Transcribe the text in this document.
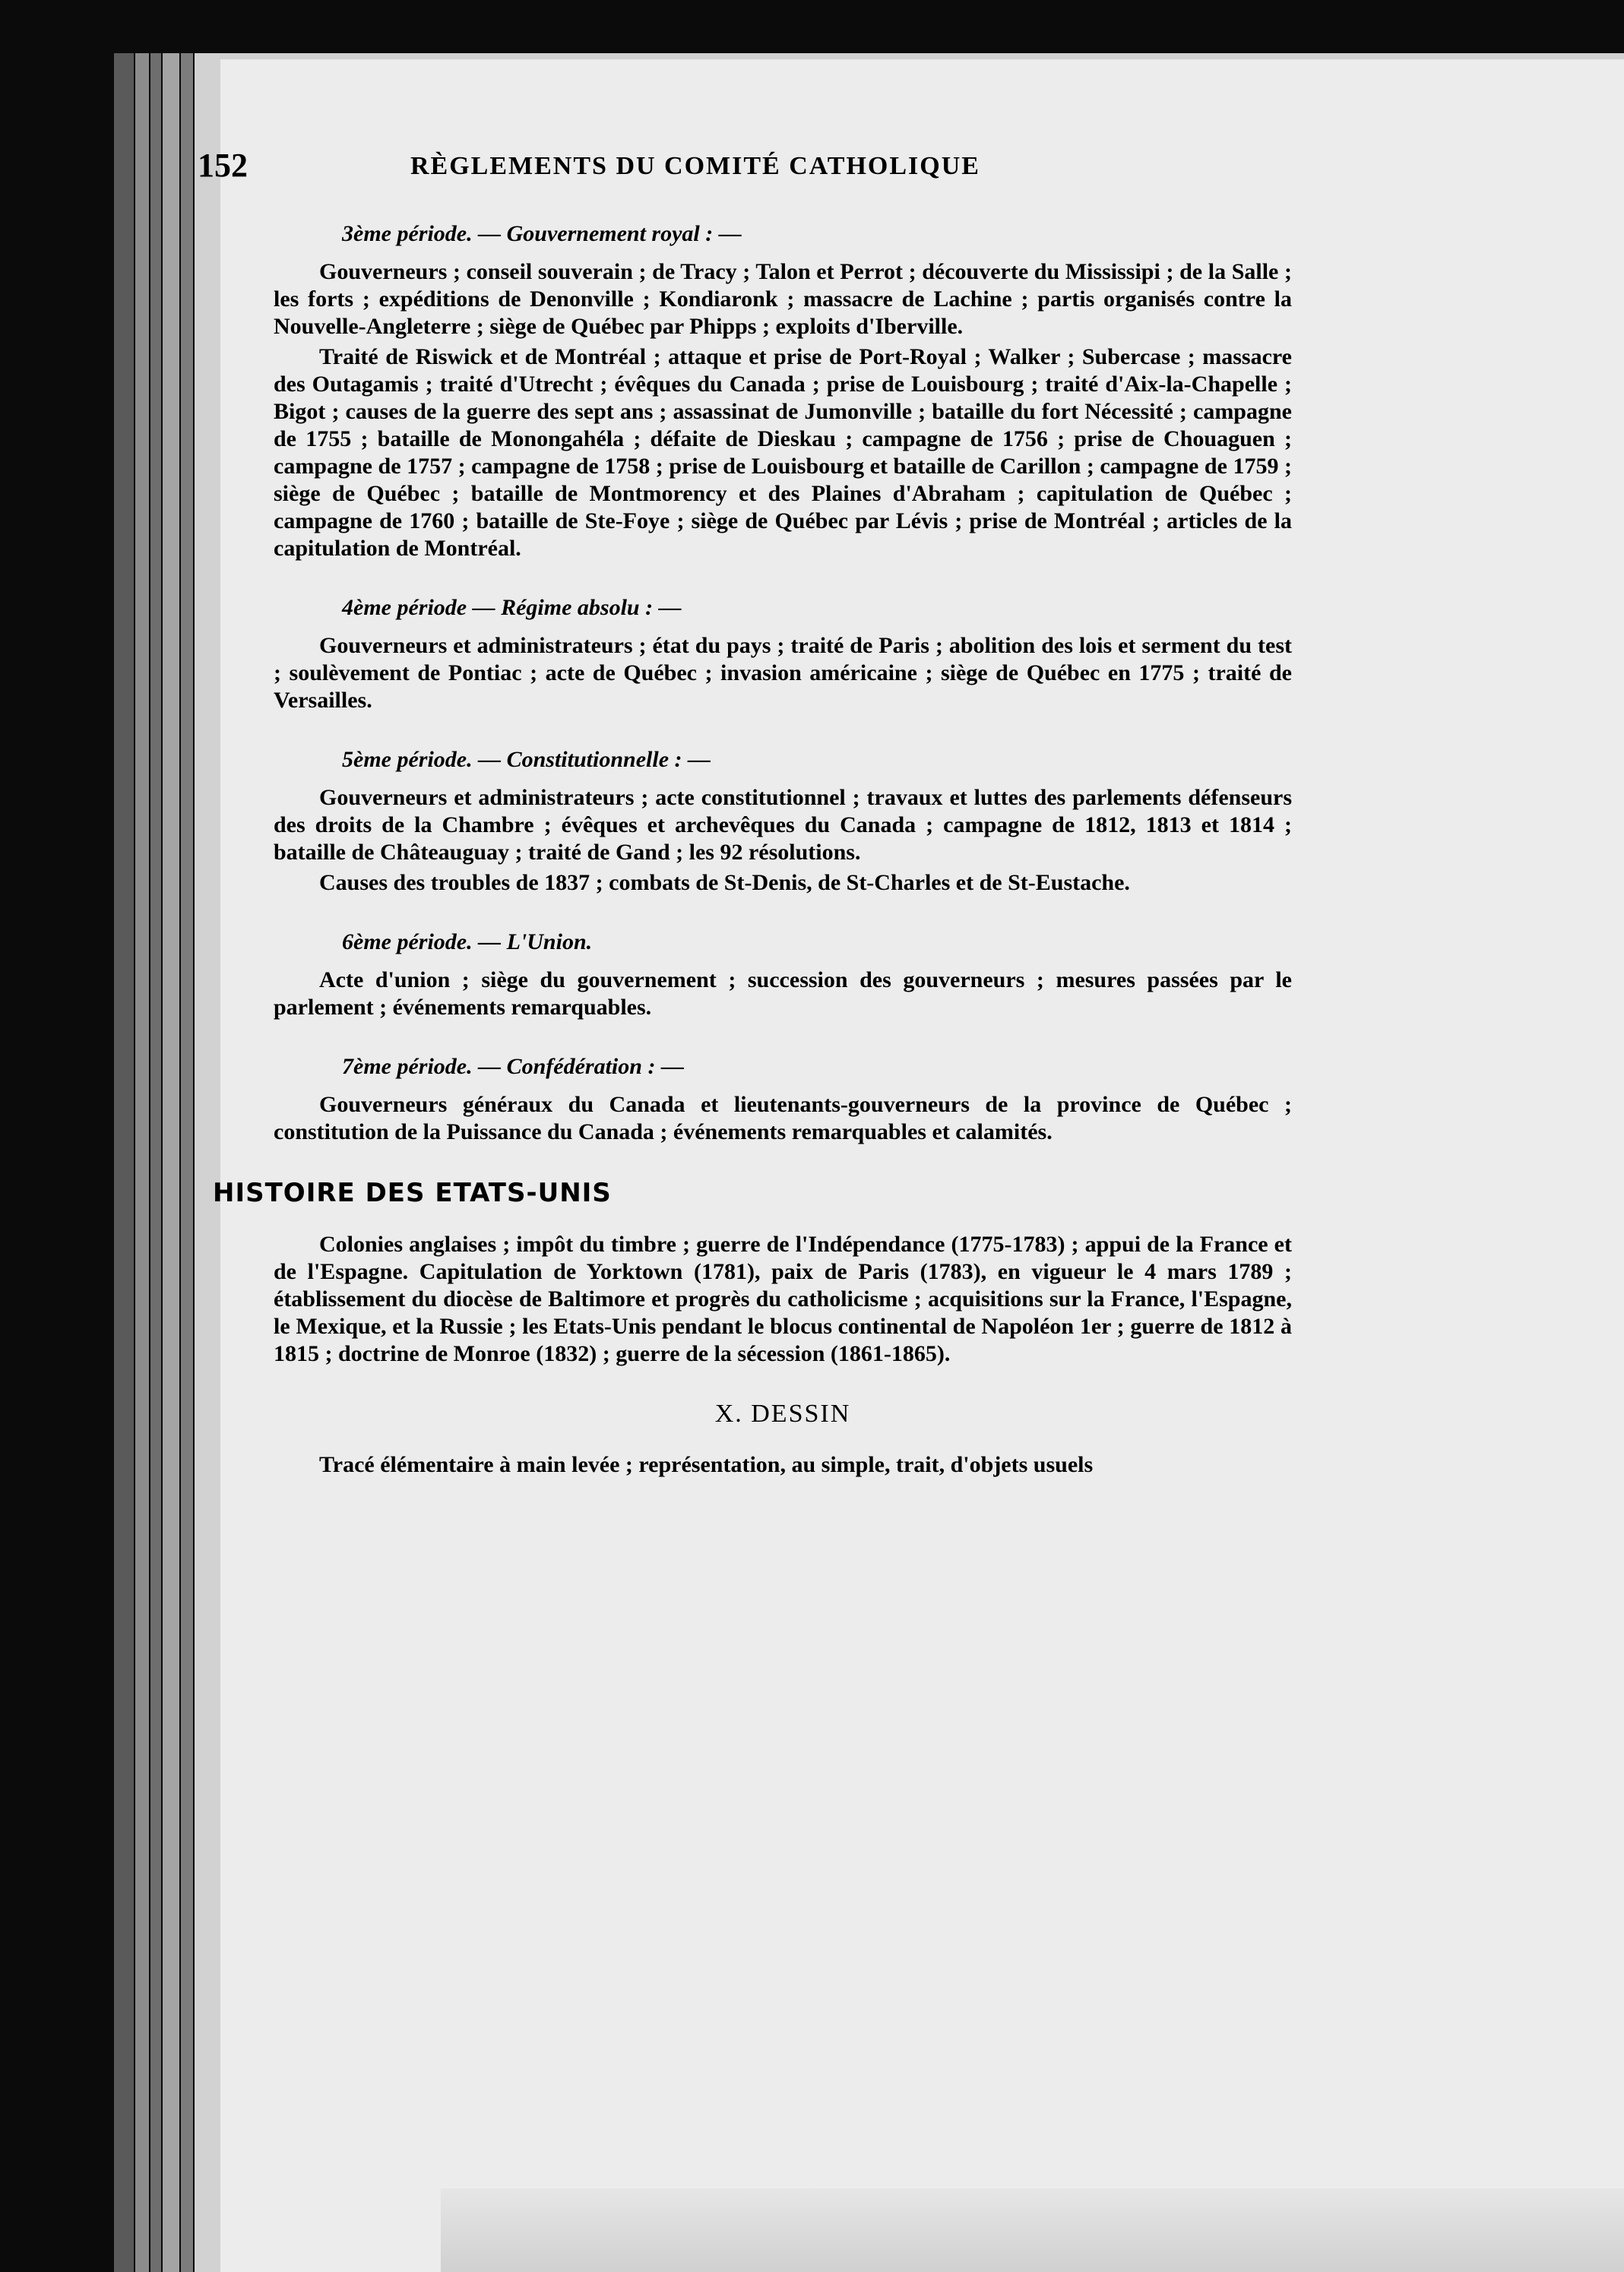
152	RÈGLEMENTS DU COMITÉ CATHOLIQUE
3ème période. — Gouvernement royal : —

Gouverneurs ; conseil souverain ; de Tracy ; Talon et Perrot ; découverte du Mississipi ; de la Salle ; les forts ; expéditions de Denonville ; Kondiaronk ; massacre de Lachine ; partis organisés contre la Nouvelle-Angleterre ; siège de Québec par Phipps ; exploits d'Iberville.

Traité de Riswick et de Montréal ; attaque et prise de Port-Royal ; Walker ; Subercase ; massacre des Outagamis ; traité d'Utrecht ; évêques du Canada ; prise de Louisbourg ; traité d'Aix-la-Chapelle ; Bigot ; causes de la guerre des sept ans ; assassinat de Jumonville ; bataille du fort Nécessité ; campagne de 1755 ; bataille de Monongahéla ; défaite de Dieskau ; campagne de 1756 ; prise de Chouaguen ; campagne de 1757 ; campagne de 1758 ; prise de Louisbourg et bataille de Carillon ; campagne de 1759 ; siège de Québec ; bataille de Montmorency et des Plaines d'Abraham ; capitulation de Québec ; campagne de 1760 ; bataille de Ste-Foye ; siège de Québec par Lévis ; prise de Montréal ; articles de la capitulation de Montréal.

4ème période — Régime absolu : —

Gouverneurs et administrateurs ; état du pays ; traité de Paris ; abolition des lois et serment du test ; soulèvement de Pontiac ; acte de Québec ; invasion américaine ; siège de Québec en 1775 ; traité de Versailles.

5ème période. — Constitutionnelle : —

Gouverneurs et administrateurs ; acte constitutionnel ; travaux et luttes des parlements défenseurs des droits de la Chambre ; évêques et archevêques du Canada ; campagne de 1812, 1813 et 1814 ; bataille de Châteauguay ; traité de Gand ; les 92 résolutions.

Causes des troubles de 1837 ; combats de St-Denis, de St-Charles et de St-Eustache.

6ème période. — L'Union.

Acte d'union ; siège du gouvernement ; succession des gouverneurs ; mesures passées par le parlement ; événements remarquables.

7ème période. — Confédération : —

Gouverneurs généraux du Canada et lieutenants-gouverneurs de la province de Québec ; constitution de la Puissance du Canada ; événements remarquables et calamités.

HISTOIRE DES ETATS-UNIS

Colonies anglaises ; impôt du timbre ; guerre de l'Indépendance (1775-1783) ; appui de la France et de l'Espagne. Capitulation de Yorktown (1781), paix de Paris (1783), en vigueur le 4 mars 1789 ; établissement du diocèse de Baltimore et progrès du catholicisme ; acquisitions sur la France, l'Espagne, le Mexique, et la Russie ; les Etats-Unis pendant le blocus continental de Napoléon 1er ; guerre de 1812 à 1815 ; doctrine de Monroe (1832) ; guerre de la sécession (1861-1865).

X. DESSIN

Tracé élémentaire à main levée ; représentation, au simple, trait, d'objets usuels
